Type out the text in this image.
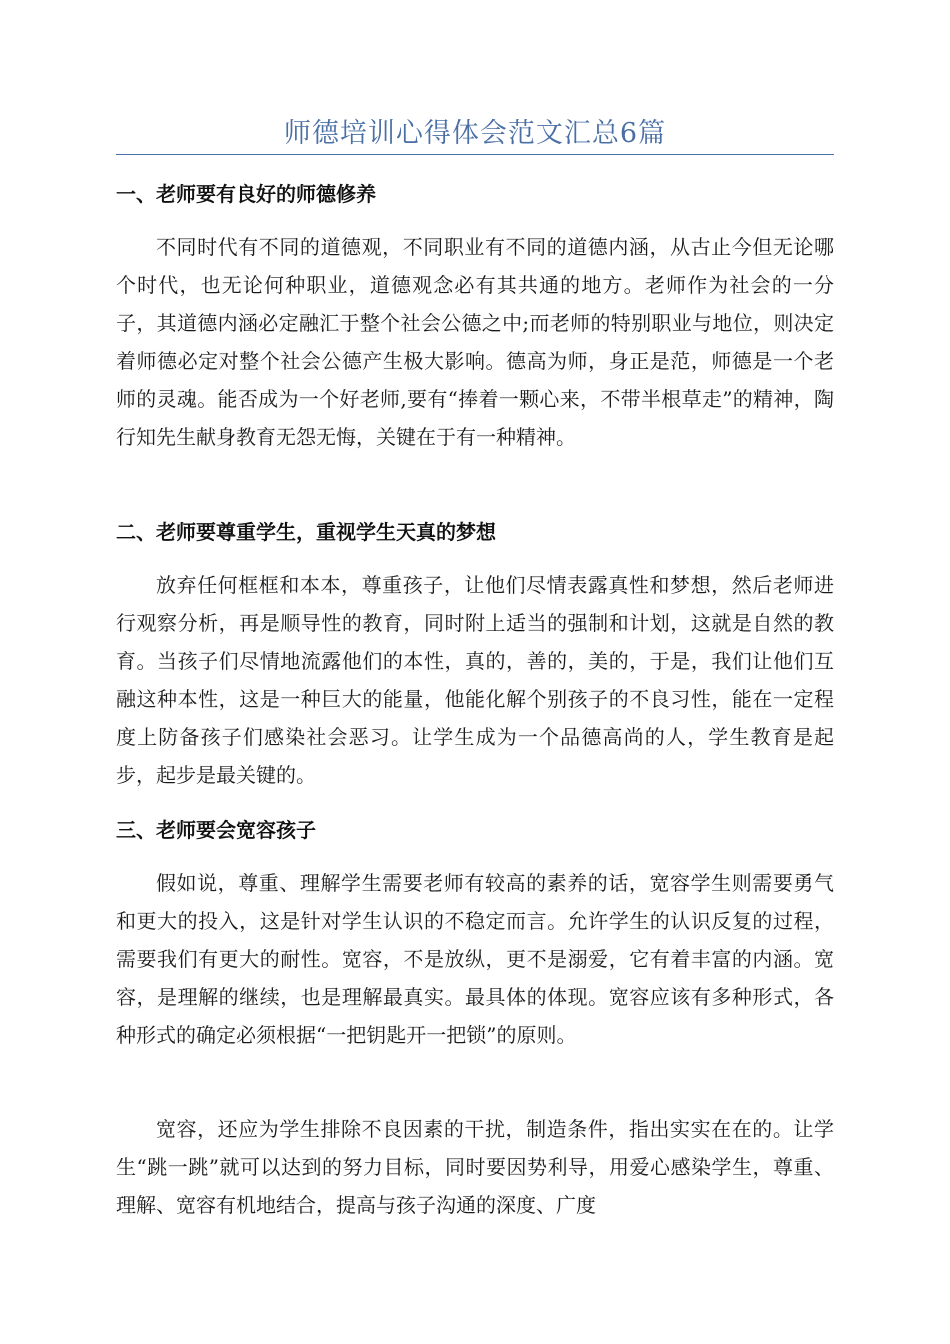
师德培训心得体会范文汇总6篇
一、老师要有良好的师德修养
不同时代有不同的道德观，不同职业有不同的道德内涵，从古止今但无论哪个时代，也无论何种职业，道德观念必有其共通的地方。老师作为社会的一分子，其道德内涵必定融汇于整个社会公德之中;而老师的特别职业与地位，则决定着师德必定对整个社会公德产生极大影响。德高为师，身正是范，师德是一个老师的灵魂。能否成为一个好老师,要有“捧着一颗心来，不带半根草走”的精神，陶行知先生献身教育无怨无悔，关键在于有一种精神。
二、老师要尊重学生，重视学生天真的梦想
放弃任何框框和本本，尊重孩子，让他们尽情表露真性和梦想，然后老师进行观察分析，再是顺导性的教育，同时附上适当的强制和计划，这就是自然的教育。当孩子们尽情地流露他们的本性，真的，善的，美的，于是，我们让他们互融这种本性，这是一种巨大的能量，他能化解个别孩子的不良习性，能在一定程度上防备孩子们感染社会恶习。让学生成为一个品德高尚的人，学生教育是起步，起步是最关键的。
三、老师要会宽容孩子
假如说，尊重、理解学生需要老师有较高的素养的话，宽容学生则需要勇气和更大的投入，这是针对学生认识的不稳定而言。允许学生的认识反复的过程，需要我们有更大的耐性。宽容，不是放纵，更不是溺爱，它有着丰富的内涵。宽容，是理解的继续，也是理解最真实。最具体的体现。宽容应该有多种形式，各种形式的确定必须根据“一把钥匙开一把锁”的原则。
宽容，还应为学生排除不良因素的干扰，制造条件，指出实实在在的。让学生“跳一跳”就可以达到的努力目标，同时要因势利导，用爱心感染学生，尊重、理解、宽容有机地结合，提高与孩子沟通的深度、广度
